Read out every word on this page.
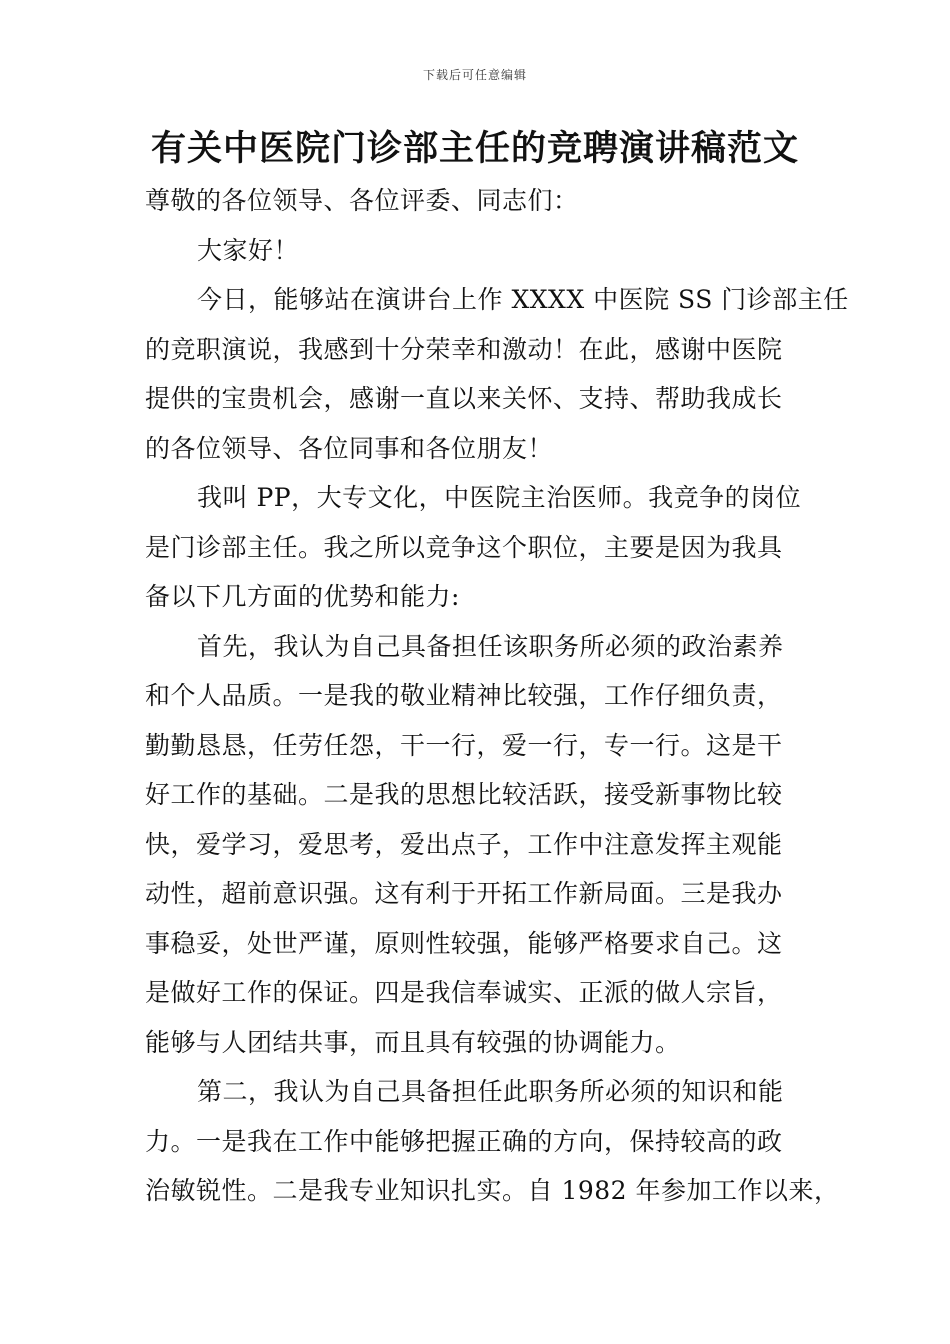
下载后可任意编辑
有关中医院门诊部主任的竞聘演讲稿范文
尊敬的各位领导、各位评委、同志们：
大家好！
今日，能够站在演讲台上作 XXXX 中医院 SS 门诊部主任
的竞职演说，我感到十分荣幸和激动！在此，感谢中医院
提供的宝贵机会，感谢一直以来关怀、支持、帮助我成长
的各位领导、各位同事和各位朋友！
我叫 PP，大专文化，中医院主治医师。我竞争的岗位
是门诊部主任。我之所以竞争这个职位，主要是因为我具
备以下几方面的优势和能力:
首先，我认为自己具备担任该职务所必须的政治素养
和个人品质。一是我的敬业精神比较强，工作仔细负责，
勤勤恳恳，任劳任怨，干一行，爱一行，专一行。这是干
好工作的基础。二是我的思想比较活跃，接受新事物比较
快，爱学习，爱思考，爱出点子，工作中注意发挥主观能
动性，超前意识强。这有利于开拓工作新局面。三是我办
事稳妥，处世严谨，原则性较强，能够严格要求自己。这
是做好工作的保证。四是我信奉诚实、正派的做人宗旨，
能够与人团结共事，而且具有较强的协调能力。
第二，我认为自己具备担任此职务所必须的知识和能
力。一是我在工作中能够把握正确的方向，保持较高的政
治敏锐性。二是我专业知识扎实。自 1982 年参加工作以来，
